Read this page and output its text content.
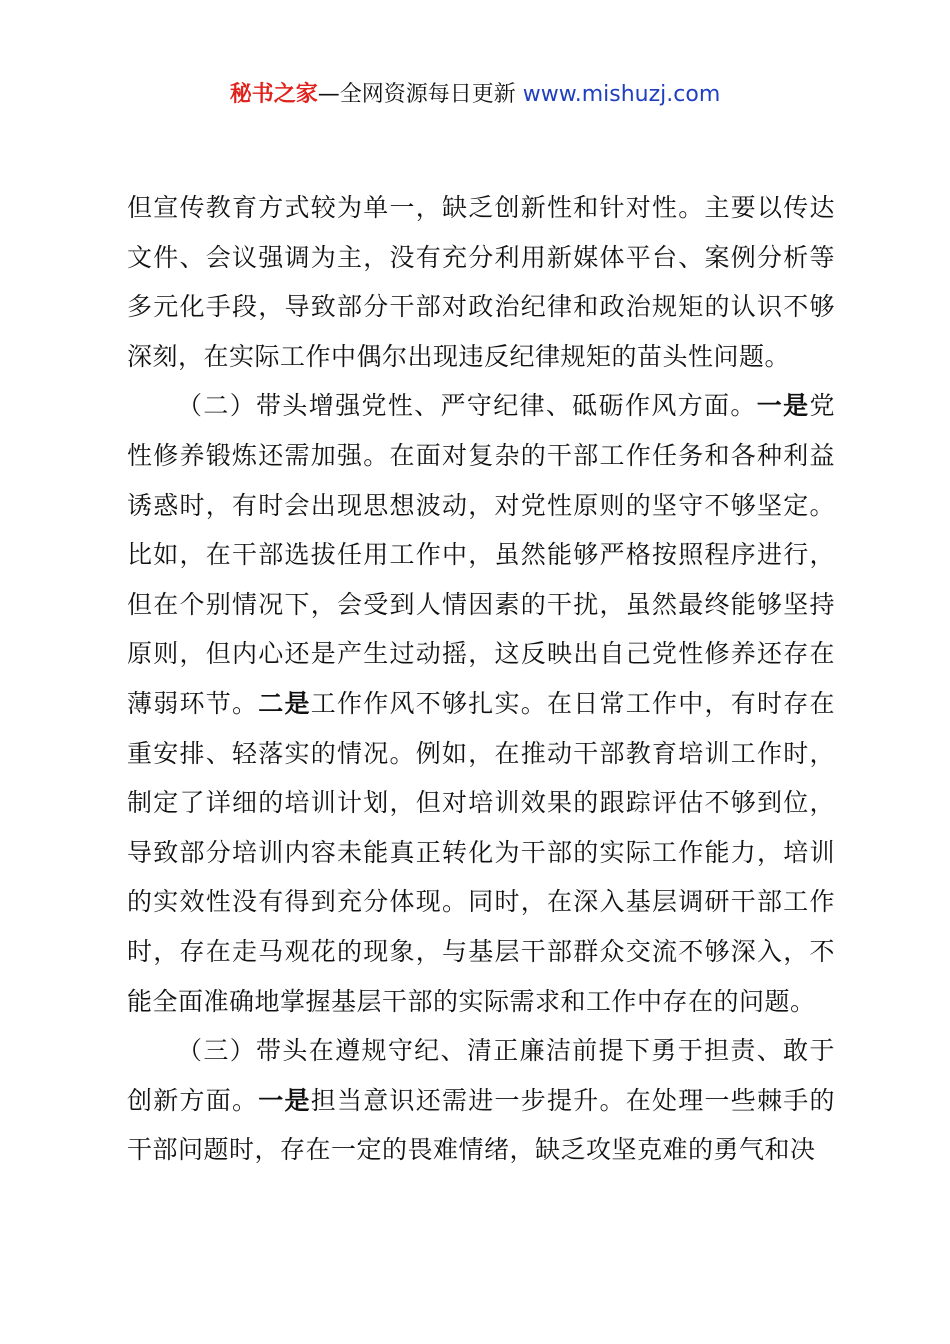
秘书之家—全网资源每日更新 www.mishuzj.com

但宣传教育方式较为单一，缺乏创新性和针对性。主要以传达文件、会议强调为主，没有充分利用新媒体平台、案例分析等多元化手段，导致部分干部对政治纪律和政治规矩的认识不够深刻，在实际工作中偶尔出现违反纪律规矩的苗头性问题。

（二）带头增强党性、严守纪律、砥砺作风方面。一是党性修养锻炼还需加强。在面对复杂的干部工作任务和各种利益诱惑时，有时会出现思想波动，对党性原则的坚守不够坚定。比如，在干部选拔任用工作中，虽然能够严格按照程序进行，但在个别情况下，会受到人情因素的干扰，虽然最终能够坚持原则，但内心还是产生过动摇，这反映出自己党性修养还存在薄弱环节。二是工作作风不够扎实。在日常工作中，有时存在重安排、轻落实的情况。例如，在推动干部教育培训工作时，制定了详细的培训计划，但对培训效果的跟踪评估不够到位，导致部分培训内容未能真正转化为干部的实际工作能力，培训的实效性没有得到充分体现。同时，在深入基层调研干部工作时，存在走马观花的现象，与基层干部群众交流不够深入，不能全面准确地掌握基层干部的实际需求和工作中存在的问题。

（三）带头在遵规守纪、清正廉洁前提下勇于担责、敢于创新方面。一是担当意识还需进一步提升。在处理一些棘手的干部问题时，存在一定的畏难情绪，缺乏攻坚克难的勇气和决
